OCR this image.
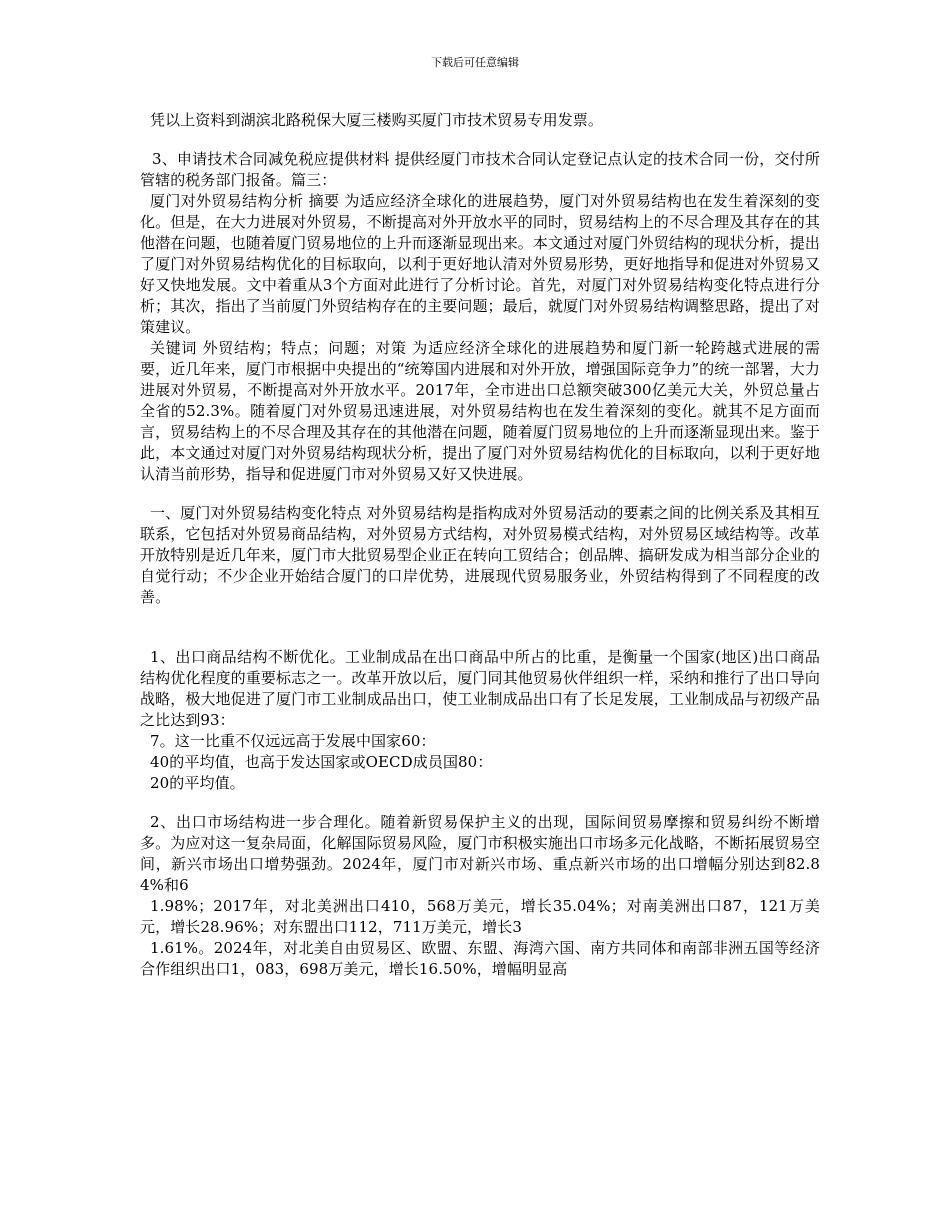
下载后可任意编辑

凭以上资料到湖滨北路税保大厦三楼购买厦门市技术贸易专用发票。

3、申请技术合同减免税应提供材料 提供经厦门市技术合同认定登记点认定的技术合同一份，交付所管辖的税务部门报备。篇三：

厦门对外贸易结构分析 摘要 为适应经济全球化的进展趋势，厦门对外贸易结构也在发生着深刻的变化。但是，在大力进展对外贸易，不断提高对外开放水平的同时，贸易结构上的不尽合理及其存在的其他潜在问题，也随着厦门贸易地位的上升而逐渐显现出来。本文通过对厦门外贸结构的现状分析，提出了厦门对外贸易结构优化的目标取向，以利于更好地认清对外贸易形势，更好地指导和促进对外贸易又好又快地发展。文中着重从3个方面对此进行了分析讨论。首先，对厦门对外贸易结构变化特点进行分析；其次，指出了当前厦门外贸结构存在的主要问题；最后，就厦门对外贸易结构调整思路，提出了对策建议。

关键词 外贸结构；特点；问题；对策 为适应经济全球化的进展趋势和厦门新一轮跨越式进展的需要，近几年来，厦门市根据中央提出的“统筹国内进展和对外开放，增强国际竞争力”的统一部署，大力进展对外贸易，不断提高对外开放水平。2017年，全市进出口总额突破300亿美元大关，外贸总量占全省的52.3%。随着厦门对外贸易迅速进展，对外贸易结构也在发生着深刻的变化。就其不足方面而言，贸易结构上的不尽合理及其存在的其他潜在问题，随着厦门贸易地位的上升而逐渐显现出来。鉴于此，本文通过对厦门对外贸易结构现状分析，提出了厦门对外贸易结构优化的目标取向，以利于更好地认清当前形势，指导和促进厦门市对外贸易又好又快进展。

一、厦门对外贸易结构变化特点 对外贸易结构是指构成对外贸易活动的要素之间的比例关系及其相互联系，它包括对外贸易商品结构，对外贸易方式结构，对外贸易模式结构，对外贸易区域结构等。改革开放特别是近几年来，厦门市大批贸易型企业正在转向工贸结合；创品牌、搞研发成为相当部分企业的自觉行动；不少企业开始结合厦门的口岸优势，进展现代贸易服务业，外贸结构得到了不同程度的改善。

1、出口商品结构不断优化。工业制成品在出口商品中所占的比重，是衡量一个国家(地区)出口商品结构优化程度的重要标志之一。改革开放以后，厦门同其他贸易伙伴组织一样，采纳和推行了出口导向战略，极大地促进了厦门市工业制成品出口，使工业制成品出口有了长足发展，工业制成品与初级产品之比达到93：

7。这一比重不仅远远高于发展中国家60：

40的平均值，也高于发达国家或OECD成员国80：

20的平均值。

2、出口市场结构进一步合理化。随着新贸易保护主义的出现，国际间贸易摩擦和贸易纠纷不断增多。为应对这一复杂局面，化解国际贸易风险，厦门市积极实施出口市场多元化战略，不断拓展贸易空间，新兴市场出口增势强劲。2024年，厦门市对新兴市场、重点新兴市场的出口增幅分别达到82.84%和6

1.98%；2017年，对北美洲出口410，568万美元，增长35.04%；对南美洲出口87，121万美元，增长28.96%；对东盟出口112，711万美元，增长3

1.61%。2024年，对北美自由贸易区、欧盟、东盟、海湾六国、南方共同体和南部非洲五国等经济合作组织出口1，083，698万美元，增长16.50%，增幅明显高
